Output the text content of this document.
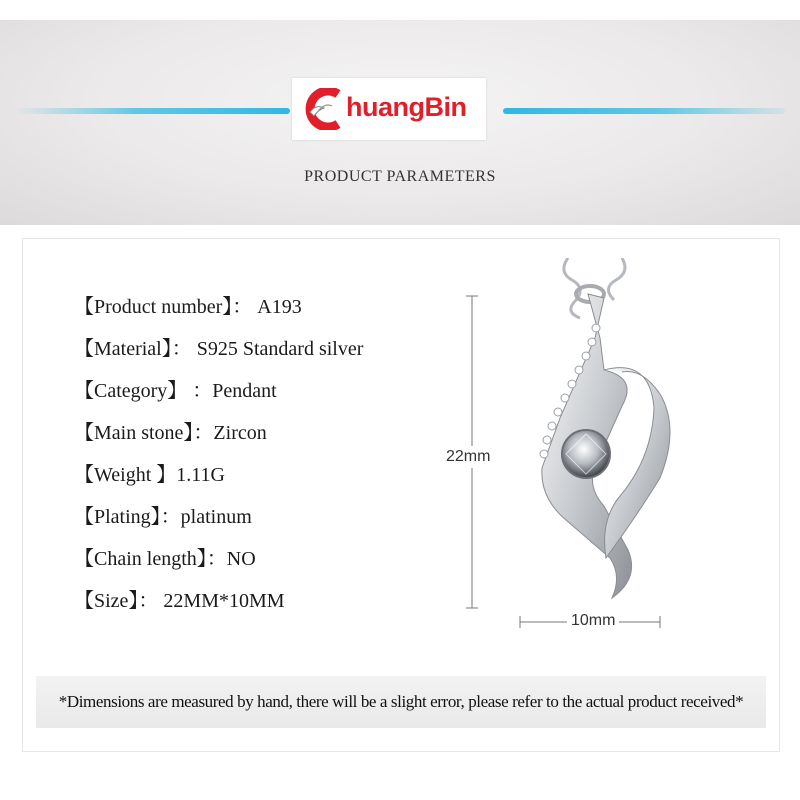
huangBin
PRODUCT PARAMETERS
【Product number】： A193
【Material】： S925 Standard silver
【Category】 ：Pendant
【Main stone】：Zircon
【Weight 】1.11G
【Plating】：platinum
【Chain length】：NO
【Size】： 22MM*10MM
22mm
10mm
*Dimensions are measured by hand, there will be a slight error, please refer to the actual product received*
